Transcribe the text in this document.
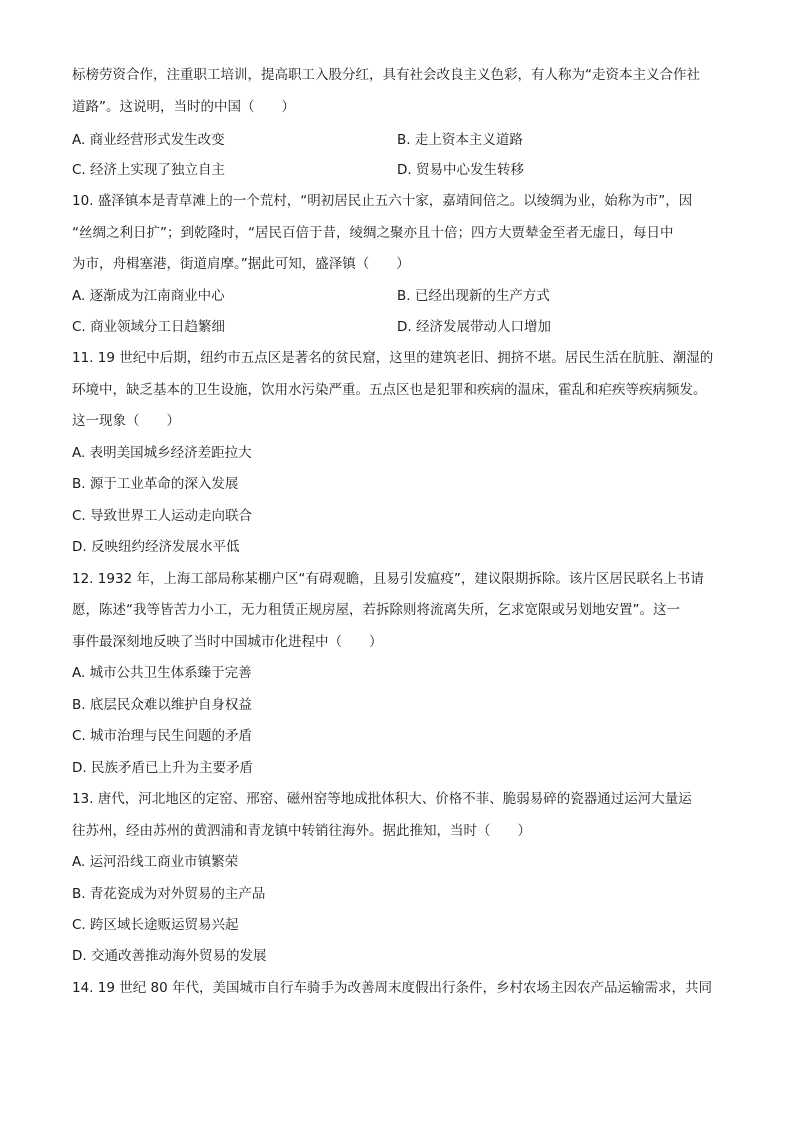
标榜劳资合作，注重职工培训，提高职工入股分红，具有社会改良主义色彩，有人称为“走资本主义合作社
道路”。这说明，当时的中国（　　）
A. 商业经营形式发生改变	B. 走上资本主义道路
C. 经济上实现了独立自主	D. 贸易中心发生转移
10. 盛泽镇本是青草滩上的一个荒村，“明初居民止五六十家，嘉靖间倍之。以绫绸为业，始称为市”，因
“丝绸之利日扩”；到乾隆时，“居民百倍于昔，绫绸之聚亦且十倍；四方大贾辇金至者无虚日，每日中
为市，舟楫塞港，街道肩摩。”据此可知，盛泽镇（　　）
A. 逐渐成为江南商业中心	B. 已经出现新的生产方式
C. 商业领域分工日趋繁细	D. 经济发展带动人口增加
11. 19 世纪中后期，纽约市五点区是著名的贫民窟，这里的建筑老旧、拥挤不堪。居民生活在肮脏、潮湿的
环境中，缺乏基本的卫生设施，饮用水污染严重。五点区也是犯罪和疾病的温床，霍乱和疟疾等疾病频发。
这一现象（　　）
A. 表明美国城乡经济差距拉大
B. 源于工业革命的深入发展
C. 导致世界工人运动走向联合
D. 反映纽约经济发展水平低
12. 1932 年，上海工部局称某棚户区“有碍观瞻，且易引发瘟疫”，建议限期拆除。该片区居民联名上书请
愿，陈述“我等皆苦力小工，无力租赁正规房屋，若拆除则将流离失所，乞求宽限或另划地安置”。这一
事件最深刻地反映了当时中国城市化进程中（　　）
A. 城市公共卫生体系臻于完善
B. 底层民众难以维护自身权益
C. 城市治理与民生问题的矛盾
D. 民族矛盾已上升为主要矛盾
13. 唐代，河北地区的定窑、邢窑、磁州窑等地成批体积大、价格不菲、脆弱易碎的瓷器通过运河大量运
往苏州，经由苏州的黄泗浦和青龙镇中转销往海外。据此推知，当时（　　）
A. 运河沿线工商业市镇繁荣
B. 青花瓷成为对外贸易的主产品
C. 跨区域长途贩运贸易兴起
D. 交通改善推动海外贸易的发展
14. 19 世纪 80 年代，美国城市自行车骑手为改善周末度假出行条件，乡村农场主因农产品运输需求，共同
